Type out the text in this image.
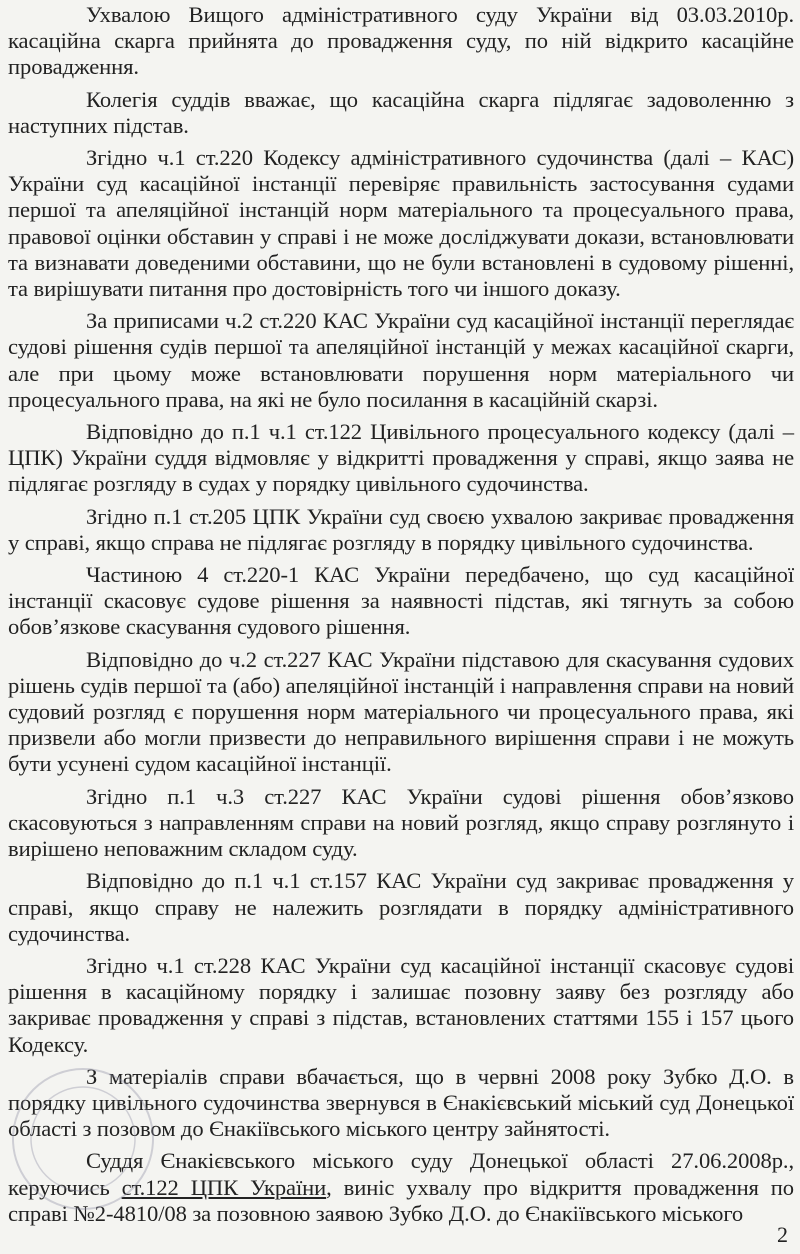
Ухвалою Вищого адміністративного суду України від 03.03.2010р. касаційна скарга прийнята до провадження суду, по ній відкрито касаційне провадження.

Колегія суддів вважає, що касаційна скарга підлягає задоволенню з наступних підстав.

Згідно ч.1 ст.220 Кодексу адміністративного судочинства (далі – КАС) України суд касаційної інстанції перевіряє правильність застосування судами першої та апеляційної інстанцій норм матеріального та процесуального права, правової оцінки обставин у справі і не може досліджувати докази, встановлювати та визнавати доведеними обставини, що не були встановлені в судовому рішенні, та вирішувати питання про достовірність того чи іншого доказу.

За приписами ч.2 ст.220 КАС України суд касаційної інстанції переглядає судові рішення судів першої та апеляційної інстанцій у межах касаційної скарги, але при цьому може встановлювати порушення норм матеріального чи процесуального права, на які не було посилання в касаційній скарзі.

Відповідно до п.1 ч.1 ст.122 Цивільного процесуального кодексу (далі – ЦПК) України суддя відмовляє у відкритті провадження у справі, якщо заява не підлягає розгляду в судах у порядку цивільного судочинства.

Згідно п.1 ст.205 ЦПК України суд своєю ухвалою закриває провадження у справі, якщо справа не підлягає розгляду в порядку цивільного судочинства.

Частиною 4 ст.220-1 КАС України передбачено, що суд касаційної інстанції скасовує судове рішення за наявності підстав, які тягнуть за собою обов’язкове скасування судового рішення.

Відповідно до ч.2 ст.227 КАС України підставою для скасування судових рішень судів першої та (або) апеляційної інстанцій і направлення справи на новий судовий розгляд є порушення норм матеріального чи процесуального права, які призвели або могли призвести до неправильного вирішення справи і не можуть бути усунені судом касаційної інстанції.

Згідно п.1 ч.3 ст.227 КАС України судові рішення обов’язково скасовуються з направленням справи на новий розгляд, якщо справу розглянуто і вирішено неповажним складом суду.

Відповідно до п.1 ч.1 ст.157 КАС України суд закриває провадження у справі, якщо справу не належить розглядати в порядку адміністративного судочинства.

Згідно ч.1 ст.228 КАС України суд касаційної інстанції скасовує судові рішення в касаційному порядку і залишає позовну заяву без розгляду або закриває провадження у справі з підстав, встановлених статтями 155 і 157 цього Кодексу.

З матеріалів справи вбачається, що в червні 2008 року Зубко Д.О. в порядку цивільного судочинства звернувся в Єнакієвський міський суд Донецької області з позовом до Єнакіївського міського центру зайнятості.

Суддя Єнакієвського міського суду Донецької області 27.06.2008р., керуючись ст.122 ЦПК України, виніс ухвалу про відкриття провадження по справі №2-4810/08 за позовною заявою Зубко Д.О. до Єнакіївського міського

2
